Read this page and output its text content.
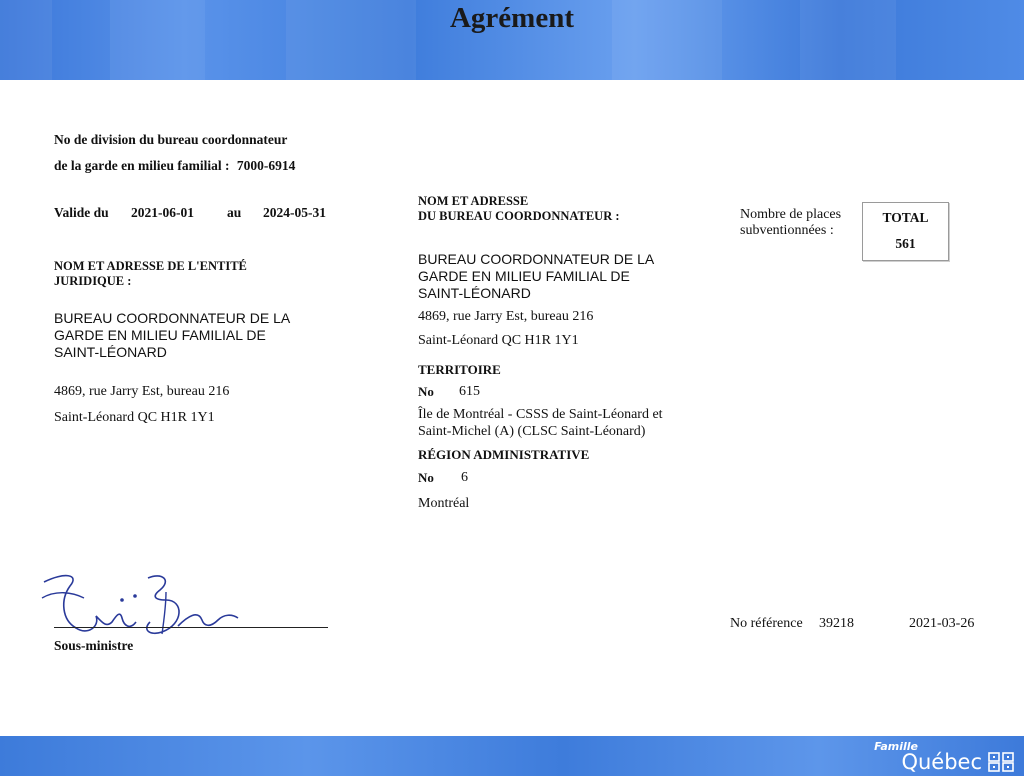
Agrément
No de division du bureau coordonnateur
de la garde en milieu familial : 7000-6914
Valide du 2021-06-01 au 2024-05-31
NOM ET ADRESSE DE L'ENTITÉ
JURIDIQUE :
BUREAU COORDONNATEUR DE LA
GARDE EN MILIEU FAMILIAL DE
SAINT-LÉONARD
4869, rue Jarry Est, bureau 216
Saint-Léonard QC H1R 1Y1
NOM ET ADRESSE
DU BUREAU COORDONNATEUR :
BUREAU COORDONNATEUR DE LA
GARDE EN MILIEU FAMILIAL DE
SAINT-LÉONARD
4869, rue Jarry Est, bureau 216
Saint-Léonard QC H1R 1Y1
TERRITOIRE
No 615
Île de Montréal - CSSS de Saint-Léonard et
Saint-Michel (A) (CLSC Saint-Léonard)
RÉGION ADMINISTRATIVE
No 6
Montréal
Nombre de places
subventionnées :
TOTAL
561
Sous-ministre
No référence 39218	2021-03-26
Famille
Québec
